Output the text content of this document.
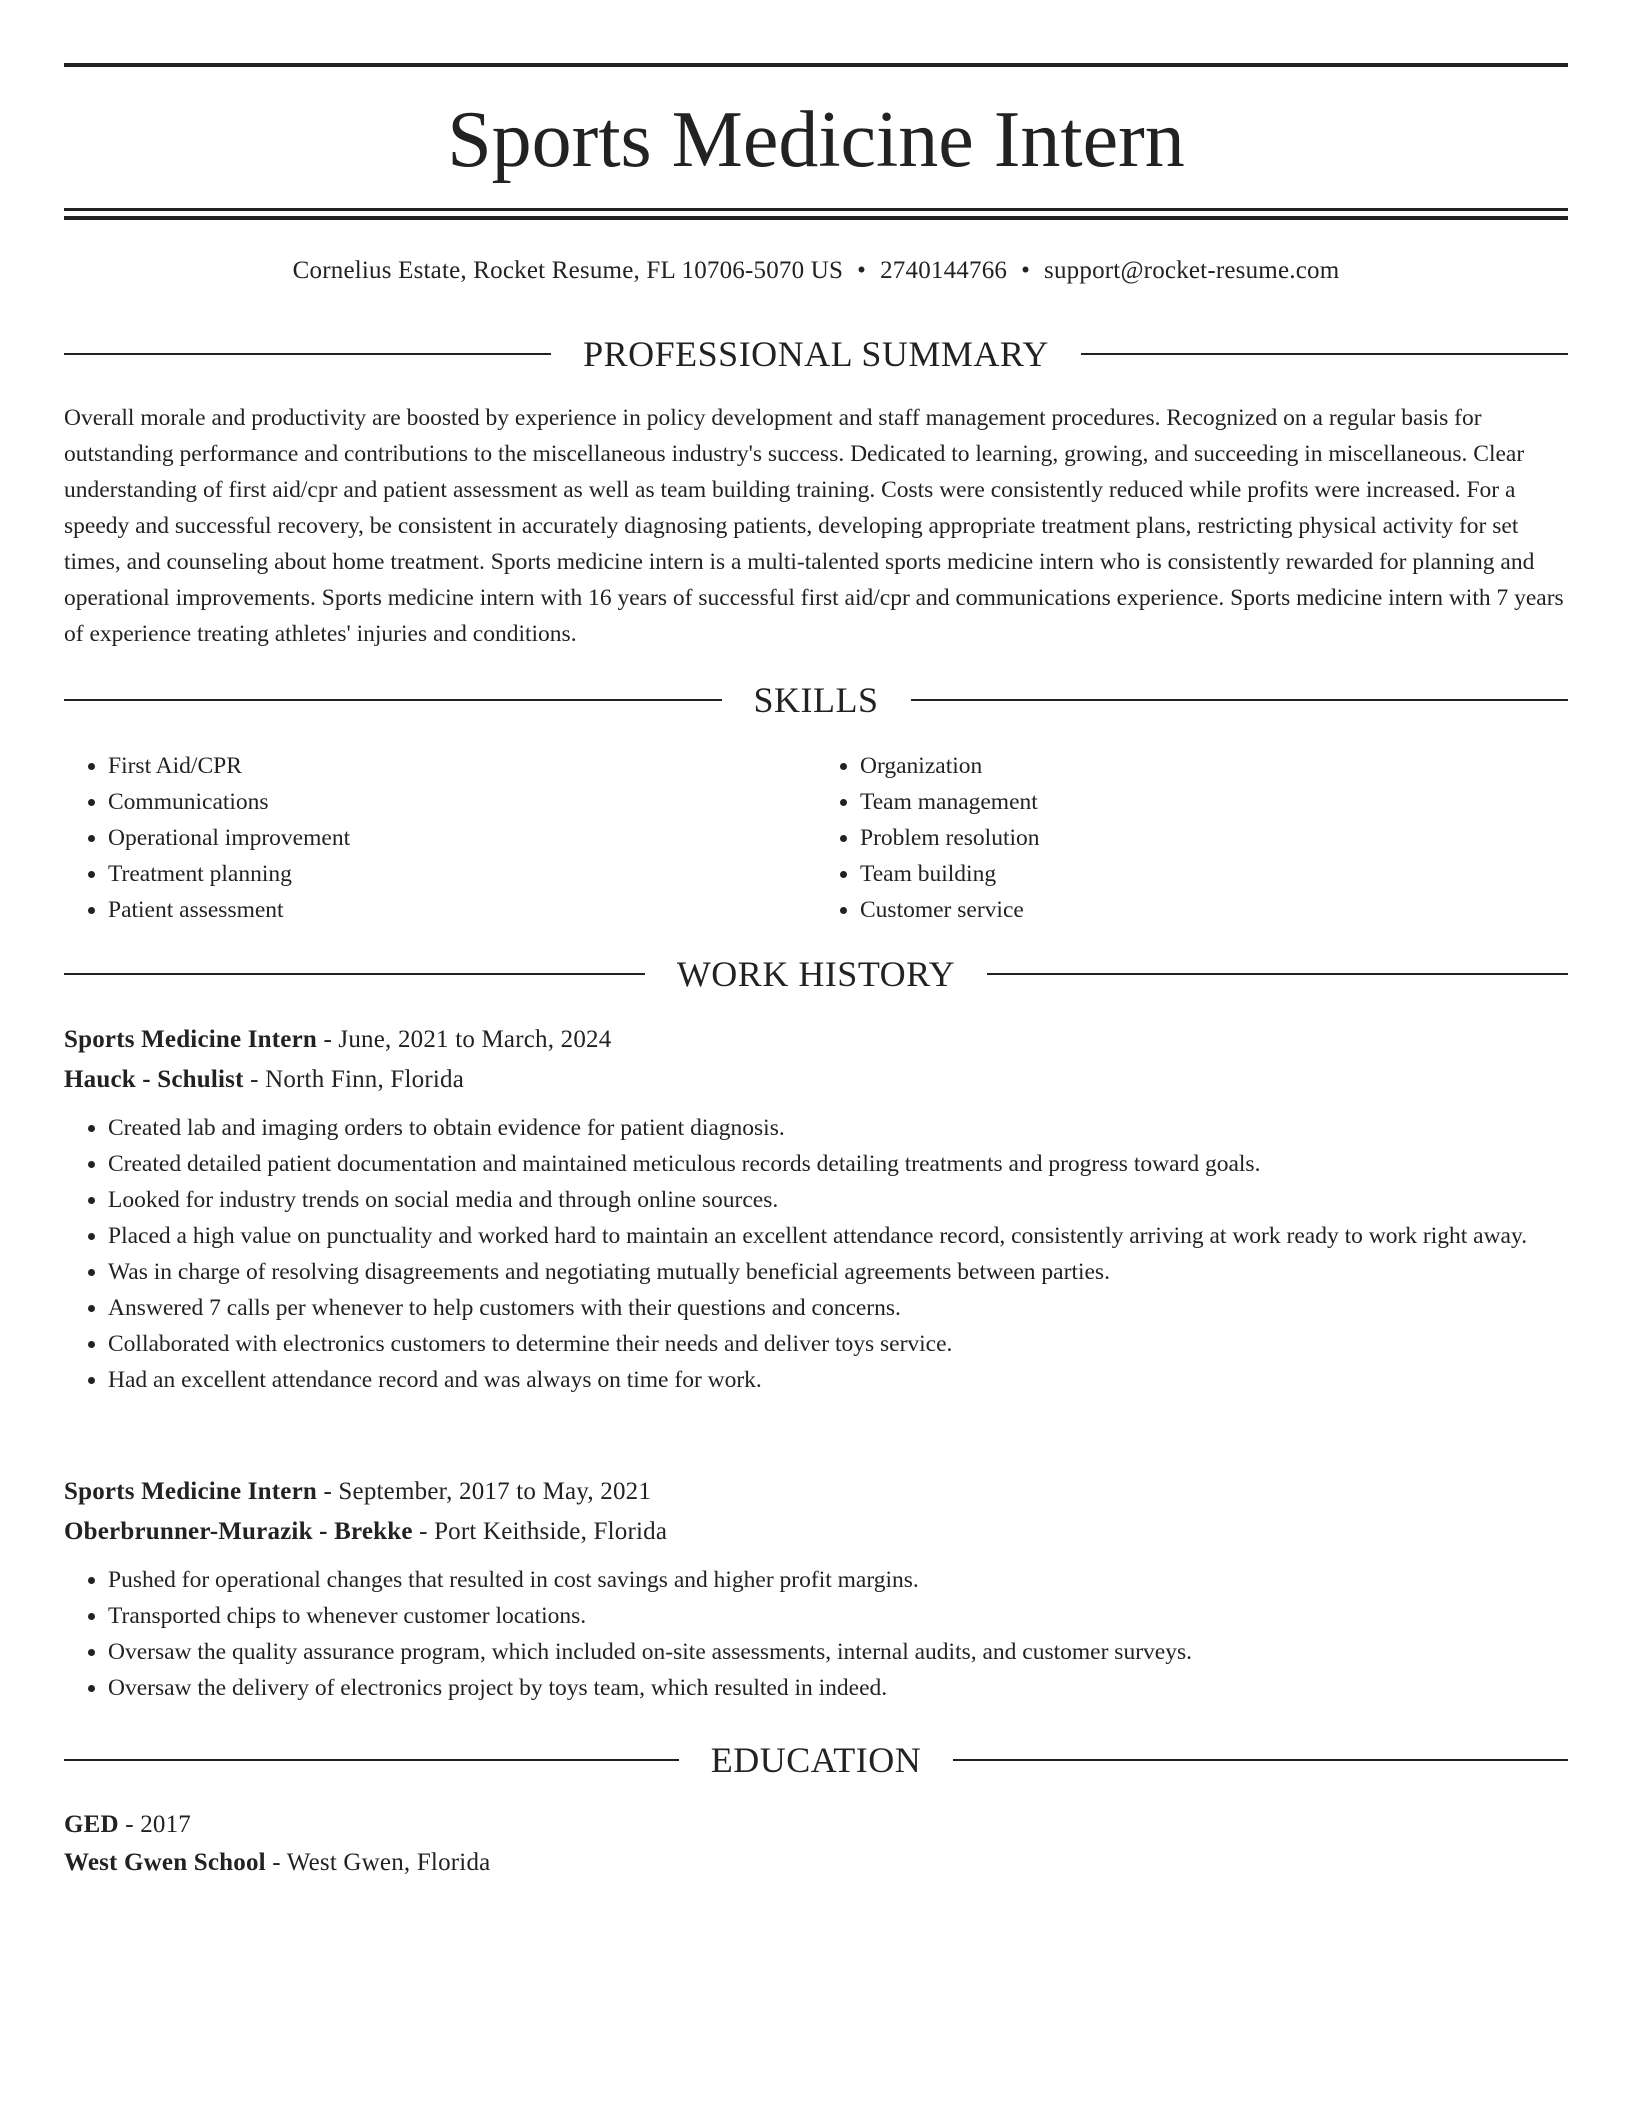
Sports Medicine Intern
Cornelius Estate, Rocket Resume, FL 10706-5070 US • 2740144766 • support@rocket-resume.com
PROFESSIONAL SUMMARY

Overall morale and productivity are boosted by experience in policy development and staff management procedures. Recognized on a regular basis for outstanding performance and contributions to the miscellaneous industry's success. Dedicated to learning, growing, and succeeding in miscellaneous. Clear understanding of first aid/cpr and patient assessment as well as team building training. Costs were consistently reduced while profits were increased. For a speedy and successful recovery, be consistent in accurately diagnosing patients, developing appropriate treatment plans, restricting physical activity for set times, and counseling about home treatment. Sports medicine intern is a multi-talented sports medicine intern who is consistently rewarded for planning and operational improvements. Sports medicine intern with 16 years of successful first aid/cpr and communications experience. Sports medicine intern with 7 years of experience treating athletes' injuries and conditions.

SKILLS
• First Aid/CPR
• Communications
• Operational improvement
• Treatment planning
• Patient assessment
• Organization
• Team management
• Problem resolution
• Team building
• Customer service
WORK HISTORY
Sports Medicine Intern - June, 2021 to March, 2024
Hauck - Schulist - North Finn, Florida
• Created lab and imaging orders to obtain evidence for patient diagnosis.
• Created detailed patient documentation and maintained meticulous records detailing treatments and progress toward goals.
• Looked for industry trends on social media and through online sources.
• Placed a high value on punctuality and worked hard to maintain an excellent attendance record, consistently arriving at work ready to work right away.
• Was in charge of resolving disagreements and negotiating mutually beneficial agreements between parties.
• Answered 7 calls per whenever to help customers with their questions and concerns.
• Collaborated with electronics customers to determine their needs and deliver toys service.
• Had an excellent attendance record and was always on time for work.
Sports Medicine Intern - September, 2017 to May, 2021
Oberbrunner-Murazik - Brekke - Port Keithside, Florida
• Pushed for operational changes that resulted in cost savings and higher profit margins.
• Transported chips to whenever customer locations.
• Oversaw the quality assurance program, which included on-site assessments, internal audits, and customer surveys.
• Oversaw the delivery of electronics project by toys team, which resulted in indeed.
EDUCATION
GED - 2017
West Gwen School - West Gwen, Florida
